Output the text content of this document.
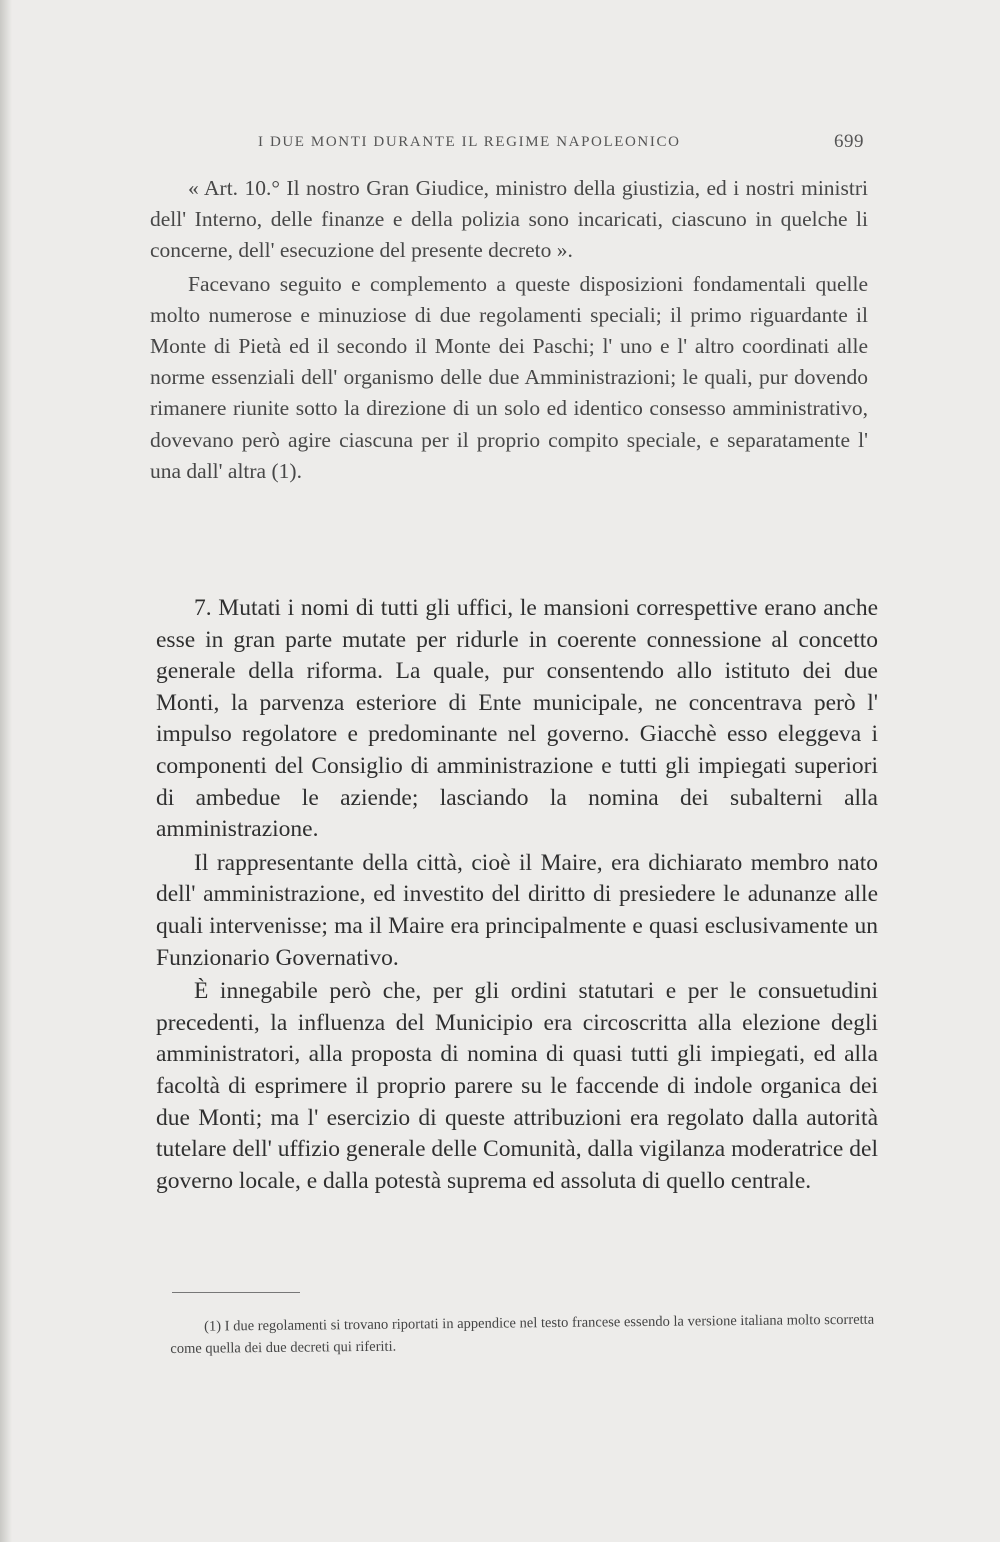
I DUE MONTI DURANTE IL REGIME NAPOLEONICO	699

« Art. 10.° Il nostro Gran Giudice, ministro della giustizia, ed i nostri ministri dell' Interno, delle finanze e della polizia sono incaricati, ciascuno in quelche li concerne, dell' esecuzione del presente decreto ».

Facevano seguito e complemento a queste disposizioni fondamentali quelle molto numerose e minuziose di due regolamenti speciali; il primo riguardante il Monte di Pietà ed il secondo il Monte dei Paschi; l' uno e l' altro coordinati alle norme essenziali dell' organismo delle due Amministrazioni; le quali, pur dovendo rimanere riunite sotto la direzione di un solo ed identico consesso amministrativo, dovevano però agire ciascuna per il proprio compito speciale, e separatamente l' una dall' altra (1).

7. Mutati i nomi di tutti gli uffici, le mansioni correspettive erano anche esse in gran parte mutate per ridurle in coerente connessione al concetto generale della riforma. La quale, pur consentendo allo istituto dei due Monti, la parvenza esteriore di Ente municipale, ne concentrava però l' impulso regolatore e predominante nel governo. Giacchè esso eleggeva i componenti del Consiglio di amministrazione e tutti gli impiegati superiori di ambedue le aziende; lasciando la nomina dei subalterni alla amministrazione.

Il rappresentante della città, cioè il Maire, era dichiarato membro nato dell' amministrazione, ed investito del diritto di presiedere le adunanze alle quali intervenisse; ma il Maire era principalmente e quasi esclusivamente un Funzionario Governativo.

È innegabile però che, per gli ordini statutari e per le consuetudini precedenti, la influenza del Municipio era circoscritta alla elezione degli amministratori, alla proposta di nomina di quasi tutti gli impiegati, ed alla facoltà di esprimere il proprio parere su le faccende di indole organica dei due Monti; ma l' esercizio di queste attribuzioni era regolato dalla autorità tutelare dell' uffizio generale delle Comunità, dalla vigilanza moderatrice del governo locale, e dalla potestà suprema ed assoluta di quello centrale.

(1) I due regolamenti si trovano riportati in appendice nel testo francese essendo la versione italiana molto scorretta come quella dei due decreti qui riferiti.
